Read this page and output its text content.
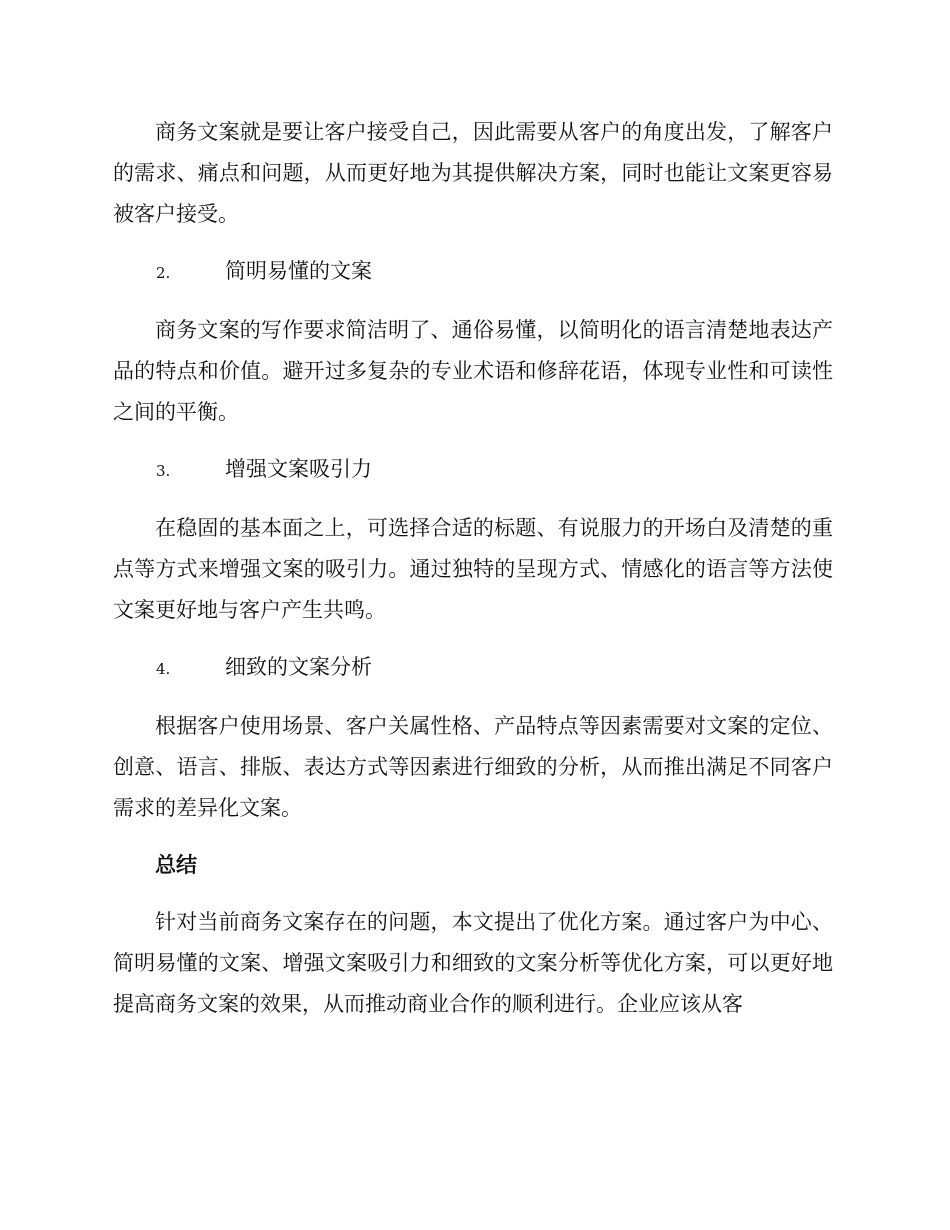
商务文案就是要让客户接受自己，因此需要从客户的角度出发，了解客户的需求、痛点和问题，从而更好地为其提供解决方案，同时也能让文案更容易被客户接受。

2.	简明易懂的文案

商务文案的写作要求简洁明了、通俗易懂，以简明化的语言清楚地表达产品的特点和价值。避开过多复杂的专业术语和修辞花语，体现专业性和可读性之间的平衡。

3.	增强文案吸引力

在稳固的基本面之上，可选择合适的标题、有说服力的开场白及清楚的重点等方式来增强文案的吸引力。通过独特的呈现方式、情感化的语言等方法使文案更好地与客户产生共鸣。

4.	细致的文案分析

根据客户使用场景、客户关属性格、产品特点等因素需要对文案的定位、创意、语言、排版、表达方式等因素进行细致的分析，从而推出满足不同客户需求的差异化文案。

总结

针对当前商务文案存在的问题，本文提出了优化方案。通过客户为中心、简明易懂的文案、增强文案吸引力和细致的文案分析等优化方案，可以更好地提高商务文案的效果，从而推动商业合作的顺利进行。企业应该从客
